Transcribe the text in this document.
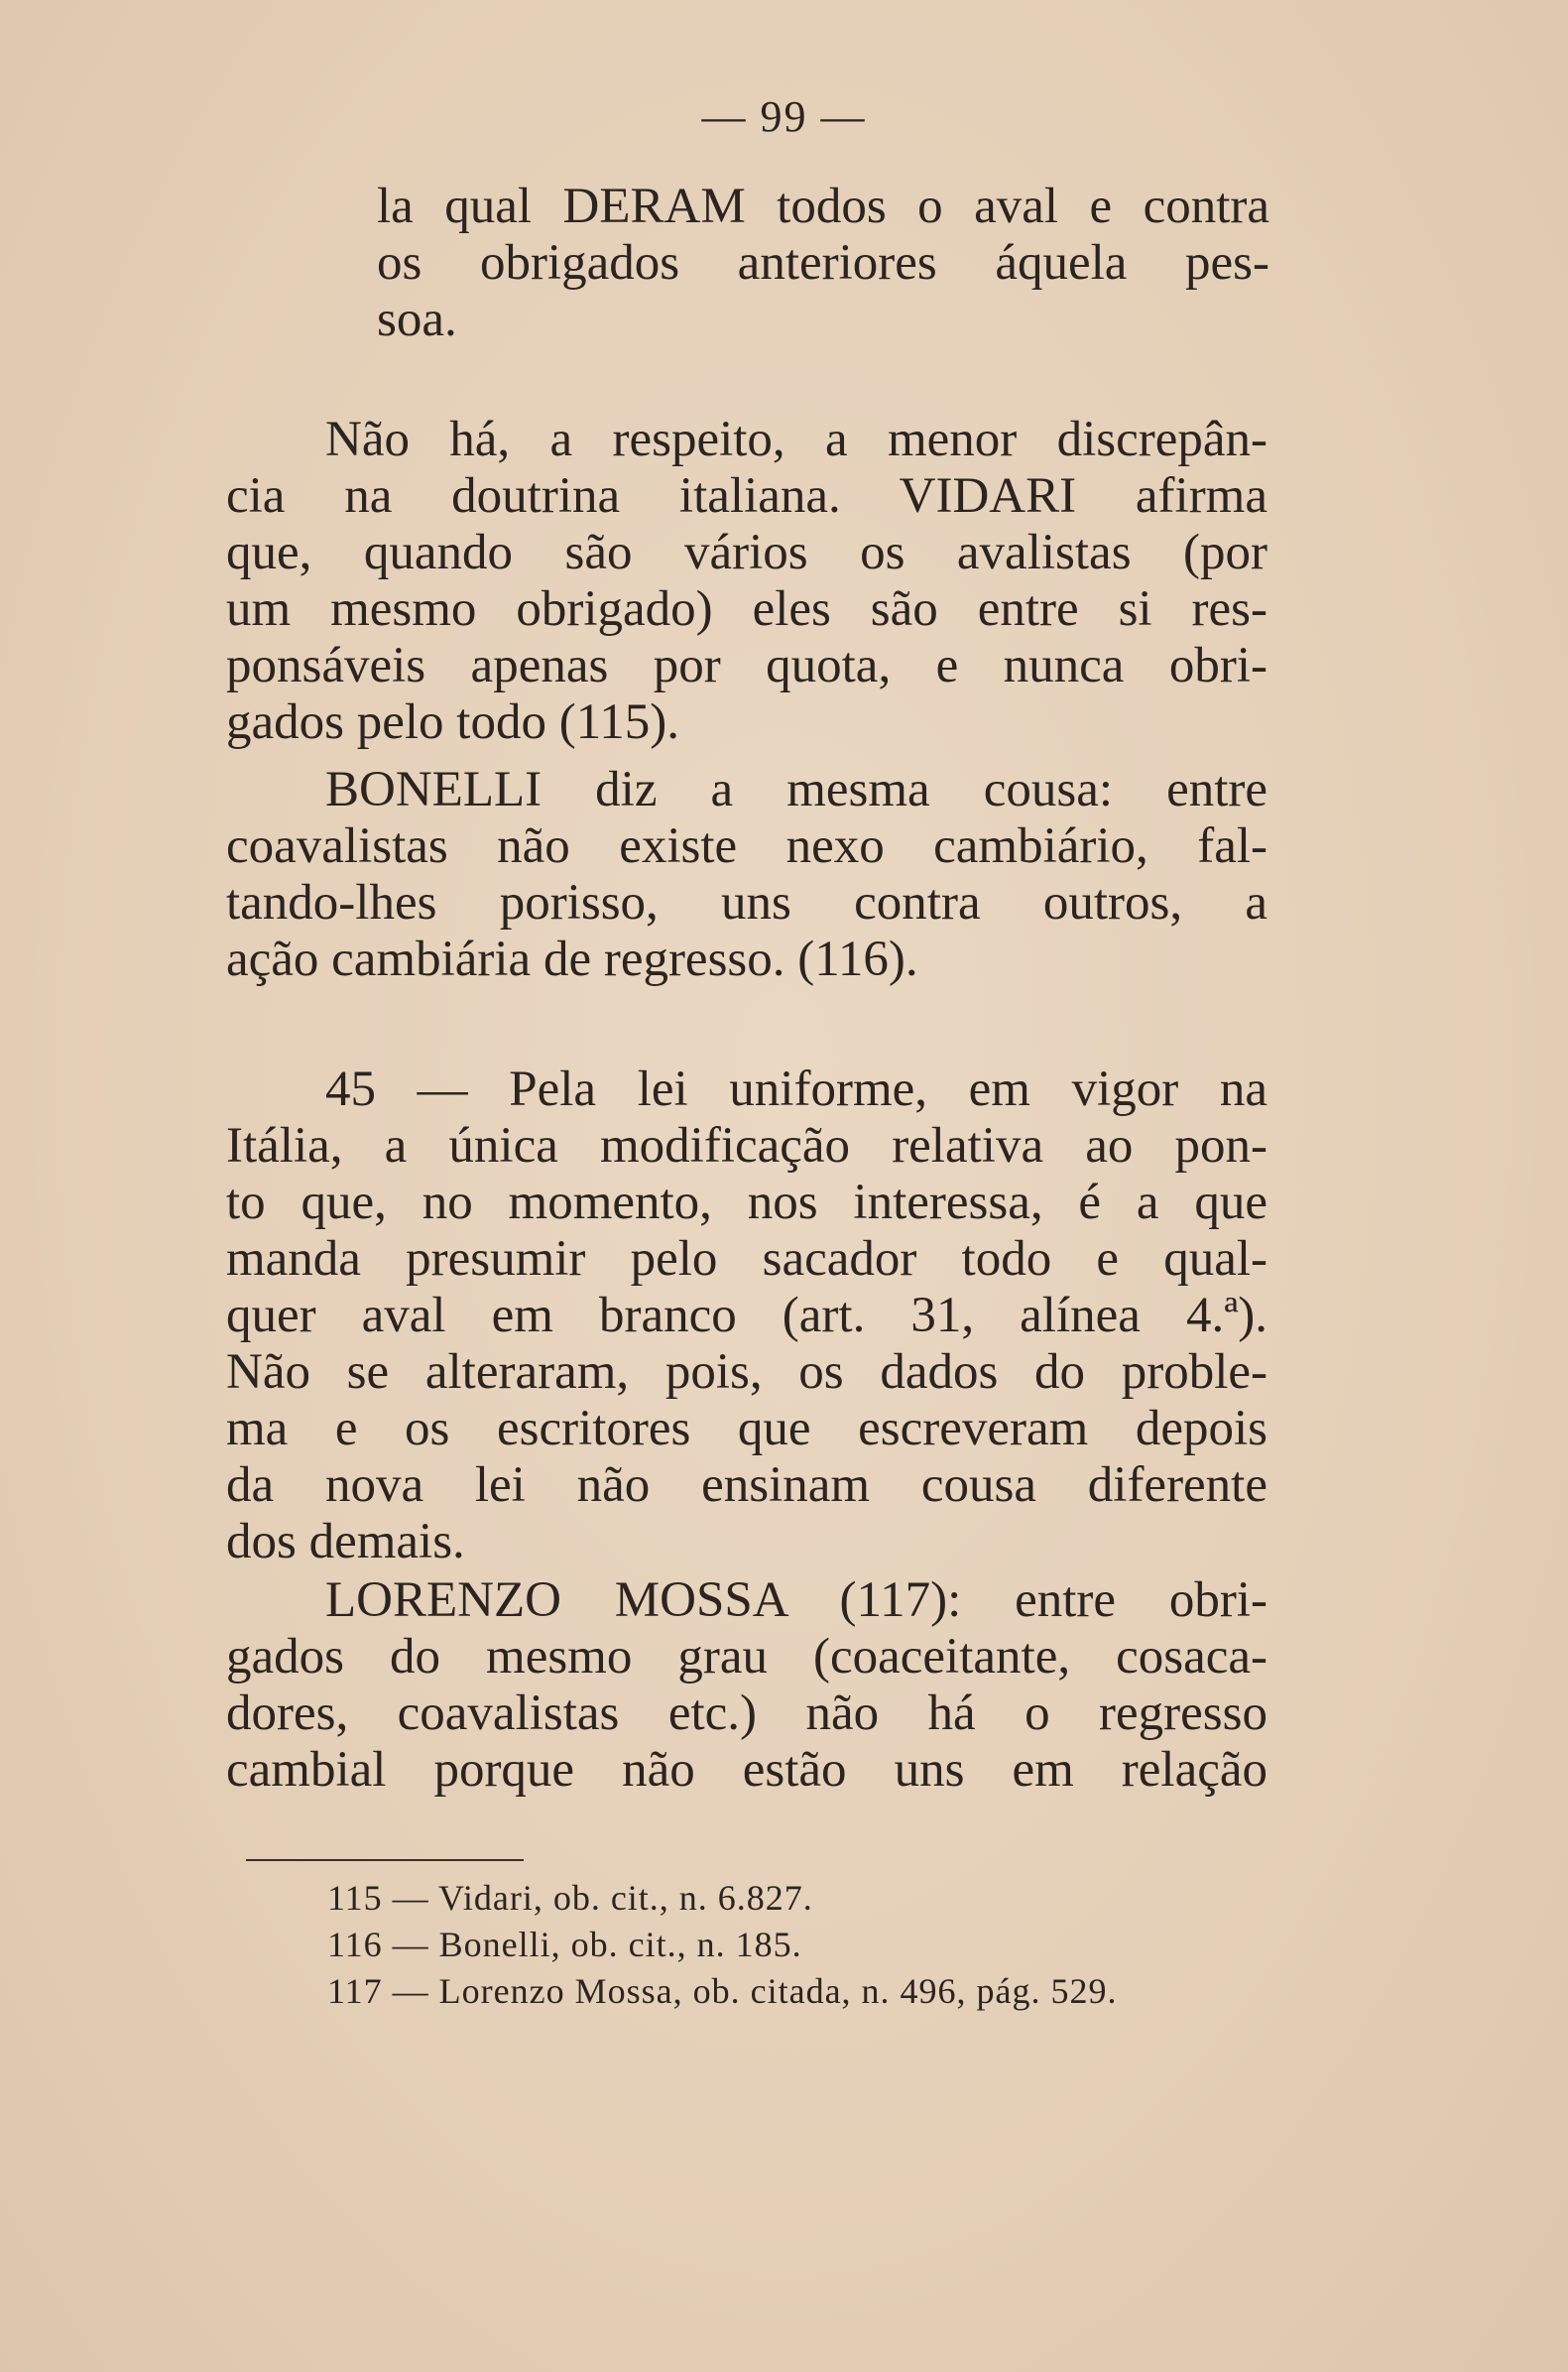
— 99 —
la qual DERAM todos o aval e contra
os obrigados anteriores áquela pes-
soa.
Não há, a respeito, a menor discrepân-
cia na doutrina italiana. VIDARI afirma
que, quando são vários os avalistas (por
um mesmo obrigado) eles são entre si res-
ponsáveis apenas por quota, e nunca obri-
gados pelo todo (115).
BONELLI diz a mesma cousa: entre
coavalistas não existe nexo cambiário, fal-
tando-lhes porisso, uns contra outros, a
ação cambiária de regresso. (116).
45 — Pela lei uniforme, em vigor na
Itália, a única modificação relativa ao pon-
to que, no momento, nos interessa, é a que
manda presumir pelo sacador todo e qual-
quer aval em branco (art. 31, alínea 4.ª).
Não se alteraram, pois, os dados do proble-
ma e os escritores que escreveram depois
da nova lei não ensinam cousa diferente
dos demais.
LORENZO MOSSA (117): entre obri-
gados do mesmo grau (coaceitante, cosaca-
dores, coavalistas etc.) não há o regresso
cambial porque não estão uns em relação
115 — Vidari, ob. cit., n. 6.827.
116 — Bonelli, ob. cit., n. 185.
117 — Lorenzo Mossa, ob. citada, n. 496, pág. 529.
